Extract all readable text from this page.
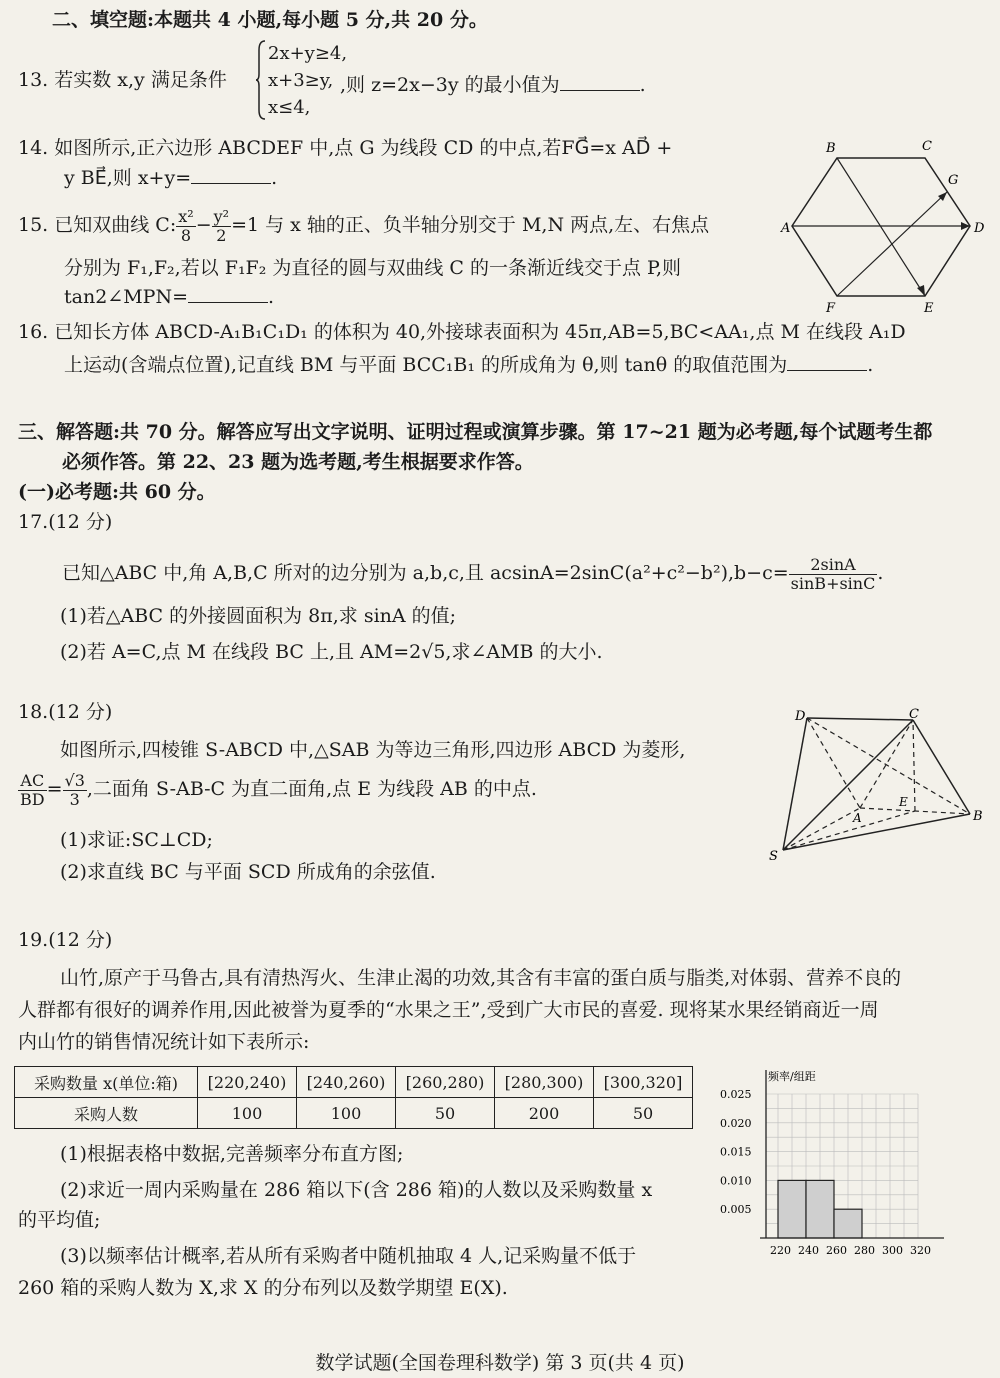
二、填空题:本题共 4 小题,每小题 5 分,共 20 分。
13. 若实数 x,y 满足条件
2x+y≥4,
x+3≥y,
x≤4,
,则 z=2x−3y 的最小值为	.
14. 如图所示,正六边形 ABCDEF 中,点 G 为线段 CD 的中点,若FG⃗=x AD⃗ +
y BE⃗,则 x+y=	.
B	C
G
A	D
F	E
15. 已知双曲线 C: $\frac{\text{x²}}{8} - \frac{\text{y²}}{2} =1$ 与 x 轴的正、负半轴分别交于 M,N 两点,左、右焦点
分别为 F₁,F₂,若以 F₁F₂ 为直径的圆与双曲线 C 的一条渐近线交于点 P,则
tan2∠MPN=	.
16. 已知长方体 ABCD-A₁B₁C₁D₁ 的体积为 40,外接球表面积为 45π,AB=5,BC<AA₁,点 M 在线段 A₁D
上运动(含端点位置),记直线 BM 与平面 BCC₁B₁ 的所成角为 θ,则 tanθ 的取值范围为	.
三、解答题:共 70 分。解答应写出文字说明、证明过程或演算步骤。第 17~21 题为必考题,每个试题考生都
必须作答。第 22、23 题为选考题,考生根据要求作答。
(一)必考题:共 60 分。
17.(12 分)
已知△ABC 中,角 A,B,C 所对的边分别为 a,b,c,且 $acsinA=2\sin C(a^2+c^2-b^2),b-c= \frac{2\sin A}{\sin B+\sin C}$ .
(1)若△ABC 的外接圆面积为 8π,求 sinA 的值;
(2)若 A=C,点 M 在线段 BC 上,且 AM=2√5,求∠AMB 的大小.
18.(12 分)
如图所示,四棱锥 S-ABCD 中,△SAB 为等边三角形,四边形 ABCD 为菱形,
$\frac{AC}{BD} = \frac{√3}{3}$ ,二面角 S-AB-C 为直二面角,点 E 为线段 AB 的中点.
(1)求证:SC⊥CD;
(2)求直线 BC 与平面 SCD 所成角的余弦值.
D	C
E
A	B
S
19.(12 分)
山竹,原产于马鲁古,具有清热泻火、生津止渴的功效,其含有丰富的蛋白质与脂类,对体弱、营养不良的
人群都有很好的调养作用,因此被誉为夏季的“水果之王”,受到广大市民的喜爱. 现将某水果经销商近一周
内山竹的销售情况统计如下表所示:
采购数量 x(单位:箱)	[220,240)	[240,260)	[260,280)	[280,300)	[300,320]
采购人数	100	100	50	200	50
(1)根据表格中数据,完善频率分布直方图;
(2)求近一周内采购量在 286 箱以下(含 286 箱)的人数以及采购数量 x
的平均值;
(3)以频率估计概率,若从所有采购者中随机抽取 4 人,记采购量不低于
260 箱的采购人数为 X,求 X 的分布列以及数学期望 E(X).
频率/组距
0.025
0.020
0.015
0.010
0.005
220 240 260 280 300 320
数学试题(全国卷理科数学) 第 3 页(共 4 页)
